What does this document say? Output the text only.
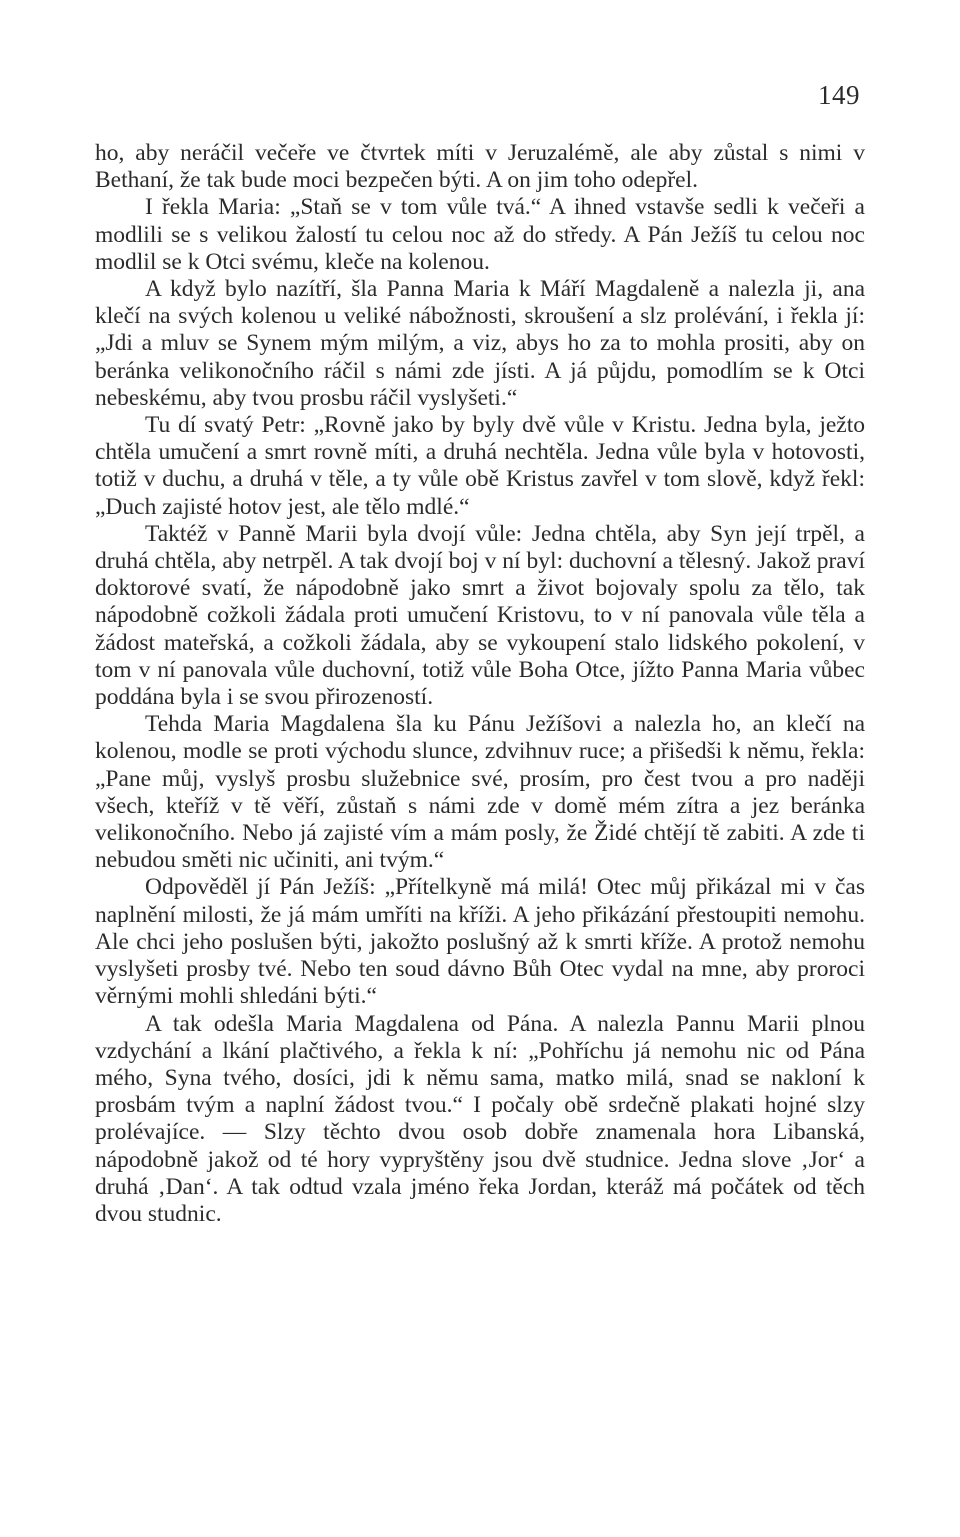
149

ho, aby neráčil večeře ve čtvrtek míti v Jeruzalémě, ale aby zůstal s nimi v Bethaní, že tak bude moci bezpečen býti. A on jim toho odepřel.

I řekla Maria: „Staň se v tom vůle tvá.“ A ihned vstavše sedli k večeři a modlili se s velikou žalostí tu celou noc až do středy. A Pán Ježíš tu celou noc modlil se k Otci svému, kleče na kolenou.

A když bylo nazítří, šla Panna Maria k Máří Magdaleně a nalezla ji, ana klečí na svých kolenou u veliké nábožnosti, skroušení a slz prolévání, i řekla jí: „Jdi a mluv se Synem mým milým, a viz, abys ho za to mohla prositi, aby on beránka velikonočního ráčil s námi zde jísti. A já půjdu, pomodlím se k Otci nebeskému, aby tvou prosbu ráčil vyslyšeti.“

Tu dí svatý Petr: „Rovně jako by byly dvě vůle v Kristu. Jedna byla, ježto chtěla umučení a smrt rovně míti, a druhá nechtěla. Jedna vůle byla v hotovosti, totiž v duchu, a druhá v těle, a ty vůle obě Kristus zavřel v tom slově, když řekl: „Duch zajisté hotov jest, ale tělo mdlé.“

Taktéž v Panně Marii byla dvojí vůle: Jedna chtěla, aby Syn její trpěl, a druhá chtěla, aby netrpěl. A tak dvojí boj v ní byl: duchovní a tělesný. Jakož praví doktorové svatí, že nápodobně jako smrt a život bojovaly spolu za tělo, tak nápodobně cožkoli žádala proti umučení Kristovu, to v ní panovala vůle těla a žádost mateřská, a cožkoli žádala, aby se vykoupení stalo lidského pokolení, v tom v ní panovala vůle duchovní, totiž vůle Boha Otce, jížto Panna Maria vůbec poddána byla i se svou přirozeností.

Tehda Maria Magdalena šla ku Pánu Ježíšovi a nalezla ho, an klečí na kolenou, modle se proti východu slunce, zdvihnuv ruce; a přišedši k němu, řekla: „Pane můj, vyslyš prosbu služebnice své, prosím, pro čest tvou a pro naději všech, kteříž v tě věří, zůstaň s námi zde v domě mém zítra a jez beránka velikonočního. Nebo já zajisté vím a mám posly, že Židé chtějí tě zabiti. A zde ti nebudou směti nic učiniti, ani tvým.“

Odpověděl jí Pán Ježíš: „Přítelkyně má milá! Otec můj přikázal mi v čas naplnění milosti, že já mám umříti na kříži. A jeho přikázání přestoupiti nemohu. Ale chci jeho poslušen býti, jakožto poslušný až k smrti kříže. A protož nemohu vyslyšeti prosby tvé. Nebo ten soud dávno Bůh Otec vydal na mne, aby proroci věrnými mohli shledáni býti.“

A tak odešla Maria Magdalena od Pána. A nalezla Pannu Marii plnou vzdychání a lkání plačtivého, a řekla k ní: „Pohříchu já nemohu nic od Pána mého, Syna tvého, dosíci, jdi k němu sama, matko milá, snad se nakloní k prosbám tvým a naplní žádost tvou.“ I počaly obě srdečně plakati hojné slzy prolévajíce. — Slzy těchto dvou osob dobře znamenala hora Libanská, nápodobně jakož od té hory vypryštěny jsou dvě studnice. Jedna slove ‚Jor‘ a druhá ‚Dan‘. A tak odtud vzala jméno řeka Jordan, kteráž má počátek od těch dvou studnic.
